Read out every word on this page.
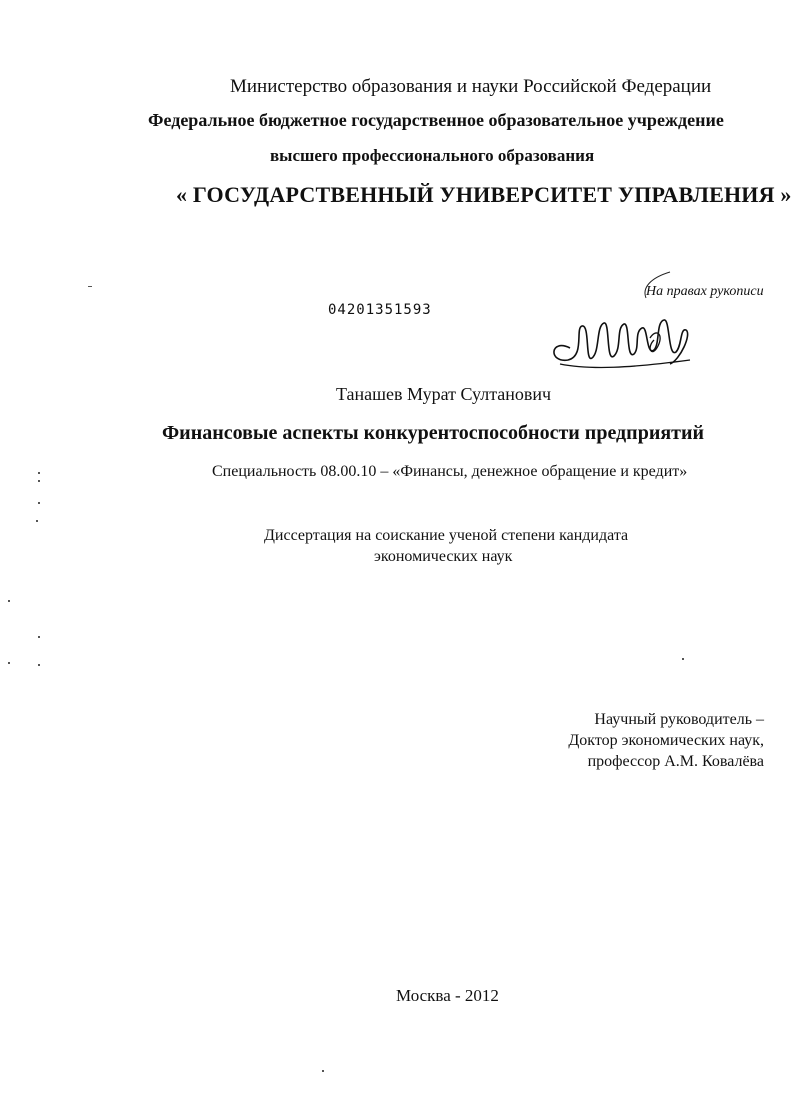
Министерство образования и науки Российской Федерации
Федеральное бюджетное государственное образовательное учреждение
высшего профессионального образования
« ГОСУДАРСТВЕННЫЙ УНИВЕРСИТЕТ УПРАВЛЕНИЯ »
На правах рукописи
04201351593
Танашев Мурат Султанович
Финансовые аспекты конкурентоспособности предприятий
Специальность 08.00.10 – «Финансы, денежное обращение и кредит»
Диссертация на соискание ученой степени кандидата
экономических наук
Научный руководитель –
Доктор экономических наук,
профессор А.М. Ковалёва
Москва - 2012
